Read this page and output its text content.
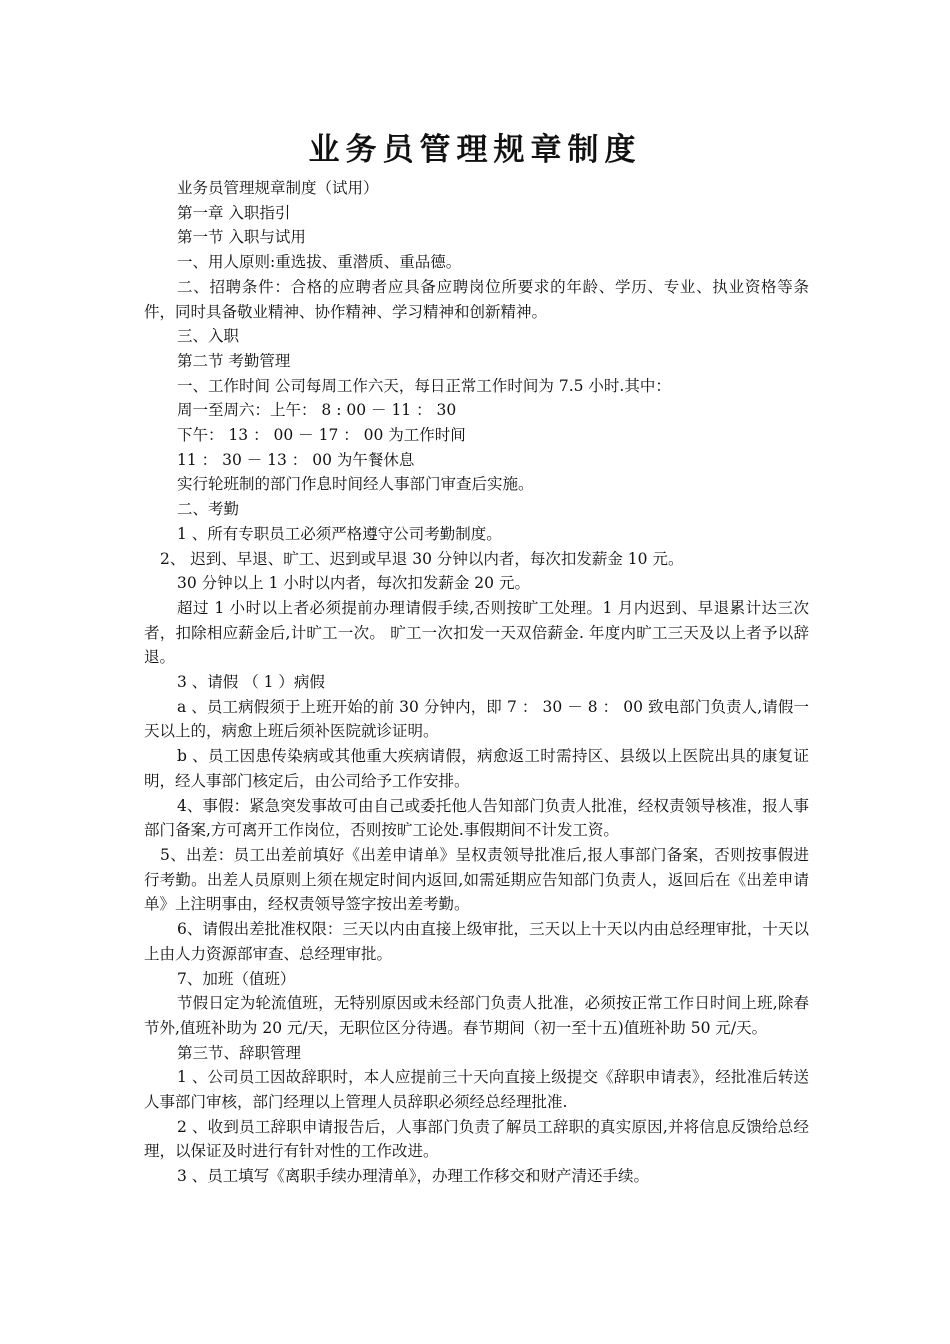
业务员管理规章制度

业务员管理规章制度（试用）

第一章 入职指引

第一节 入职与试用

一、用人原则:重选拔、重潜质、重品德。

二、招聘条件：合格的应聘者应具备应聘岗位所要求的年龄、学历、专业、执业资格等条件，同时具备敬业精神、协作精神、学习精神和创新精神。

三、入职

第二节 考勤管理

一、工作时间 公司每周工作六天，每日正常工作时间为 7.5 小时.其中：

周一至周六：上午： 8 : 00 － 11 ： 30

下午： 13 ： 00 － 17 ： 00 为工作时间

11 ： 30 － 13 ： 00 为午餐休息

实行轮班制的部门作息时间经人事部门审查后实施。

二、考勤

1 、所有专职员工必须严格遵守公司考勤制度。

2、 迟到、早退、旷工、迟到或早退 30 分钟以内者，每次扣发薪金 10 元。

30 分钟以上 1 小时以内者，每次扣发薪金 20 元。

超过 1 小时以上者必须提前办理请假手续,否则按旷工处理。1 月内迟到、早退累计达三次者，扣除相应薪金后,计旷工一次。 旷工一次扣发一天双倍薪金. 年度内旷工三天及以上者予以辞退。

3 、请假 （ 1 ）病假

a 、员工病假须于上班开始的前 30 分钟内，即 7 ： 30 － 8 ： 00 致电部门负责人,请假一天以上的，病愈上班后须补医院就诊证明。

b 、员工因患传染病或其他重大疾病请假，病愈返工时需持区、县级以上医院出具的康复证明，经人事部门核定后，由公司给予工作安排。

4、事假：紧急突发事故可由自己或委托他人告知部门负责人批准，经权责领导核准，报人事部门备案,方可离开工作岗位，否则按旷工论处.事假期间不计发工资。

5、出差：员工出差前填好《出差申请单》呈权责领导批准后,报人事部门备案，否则按事假进行考勤。出差人员原则上须在规定时间内返回,如需延期应告知部门负责人，返回后在《出差申请单》上注明事由，经权责领导签字按出差考勤。

6、请假出差批准权限：三天以内由直接上级审批，三天以上十天以内由总经理审批，十天以上由人力资源部审查、总经理审批。

7、加班（值班）

节假日定为轮流值班，无特别原因或未经部门负责人批准，必须按正常工作日时间上班,除春节外,值班补助为 20 元/天，无职位区分待遇。春节期间（初一至十五)值班补助 50 元/天。

第三节、辞职管理

1 、公司员工因故辞职时，本人应提前三十天向直接上级提交《辞职申请表》，经批准后转送人事部门审核，部门经理以上管理人员辞职必须经总经理批准.

2 、收到员工辞职申请报告后，人事部门负责了解员工辞职的真实原因,并将信息反馈给总经理，以保证及时进行有针对性的工作改进。

3 、员工填写《离职手续办理清单》，办理工作移交和财产清还手续。
